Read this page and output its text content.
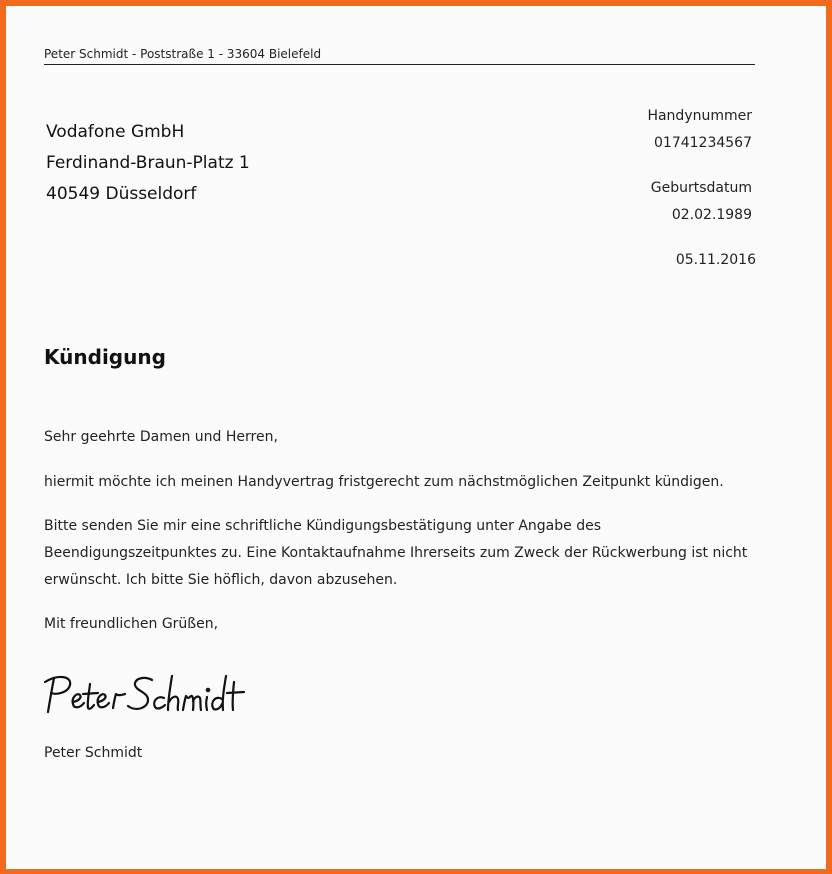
Peter Schmidt - Poststraße 1 - 33604 Bielefeld
Vodafone GmbH
Ferdinand-Braun-Platz 1
40549 Düsseldorf
Handynummer
01741234567
Geburtsdatum
02.02.1989
05.11.2016
Kündigung

Sehr geehrte Damen und Herren,

hiermit möchte ich meinen Handyvertrag fristgerecht zum nächstmöglichen Zeitpunkt kündigen.

Bitte senden Sie mir eine schriftliche Kündigungsbestätigung unter Angabe des Beendigungszeitpunktes zu. Eine Kontaktaufnahme Ihrerseits zum Zweck der Rückwerbung ist nicht erwünscht. Ich bitte Sie höflich, davon abzusehen.

Mit freundlichen Grüßen,

Peter Schmidt
